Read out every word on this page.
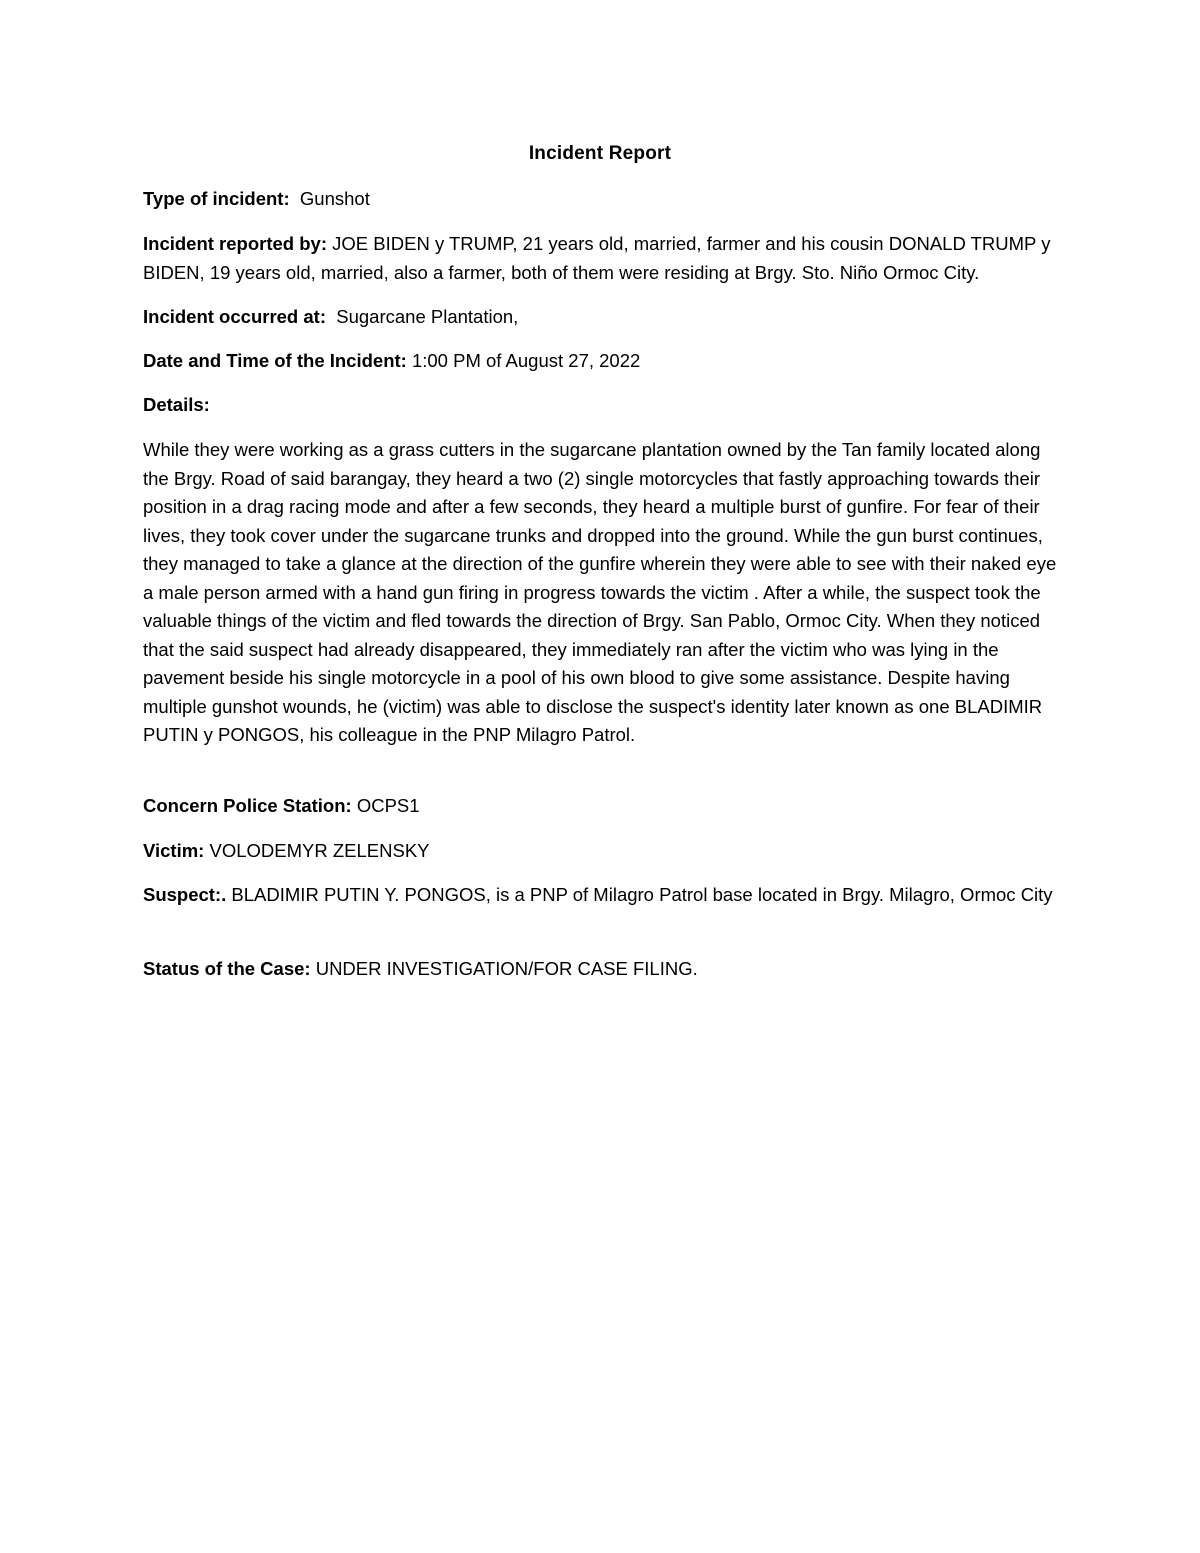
Incident Report

Type of incident: Gunshot

Incident reported by: JOE BIDEN y TRUMP, 21 years old, married, farmer and his cousin DONALD TRUMP y BIDEN, 19 years old, married, also a farmer, both of them were residing at Brgy. Sto. Niño Ormoc City.

Incident occurred at: Sugarcane Plantation,

Date and Time of the Incident: 1:00 PM of August 27, 2022

Details:

While they were working as a grass cutters in the sugarcane plantation owned by the Tan family located along the Brgy. Road of said barangay, they heard a two (2) single motorcycles that fastly approaching towards their position in a drag racing mode and after a few seconds, they heard a multiple burst of gunfire. For fear of their lives, they took cover under the sugarcane trunks and dropped into the ground. While the gun burst continues, they managed to take a glance at the direction of the gunfire wherein they were able to see with their naked eye a male person armed with a hand gun firing in progress towards the victim . After a while, the suspect took the valuable things of the victim and fled towards the direction of Brgy. San Pablo, Ormoc City. When they noticed that the said suspect had already disappeared, they immediately ran after the victim who was lying in the pavement beside his single motorcycle in a pool of his own blood to give some assistance. Despite having multiple gunshot wounds, he (victim) was able to disclose the suspect's identity later known as one BLADIMIR PUTIN y PONGOS, his colleague in the PNP Milagro Patrol.

Concern Police Station: OCPS1

Victim: VOLODEMYR ZELENSKY

Suspect:. BLADIMIR PUTIN Y. PONGOS, is a PNP of Milagro Patrol base located in Brgy. Milagro, Ormoc City

Status of the Case: UNDER INVESTIGATION/FOR CASE FILING.
